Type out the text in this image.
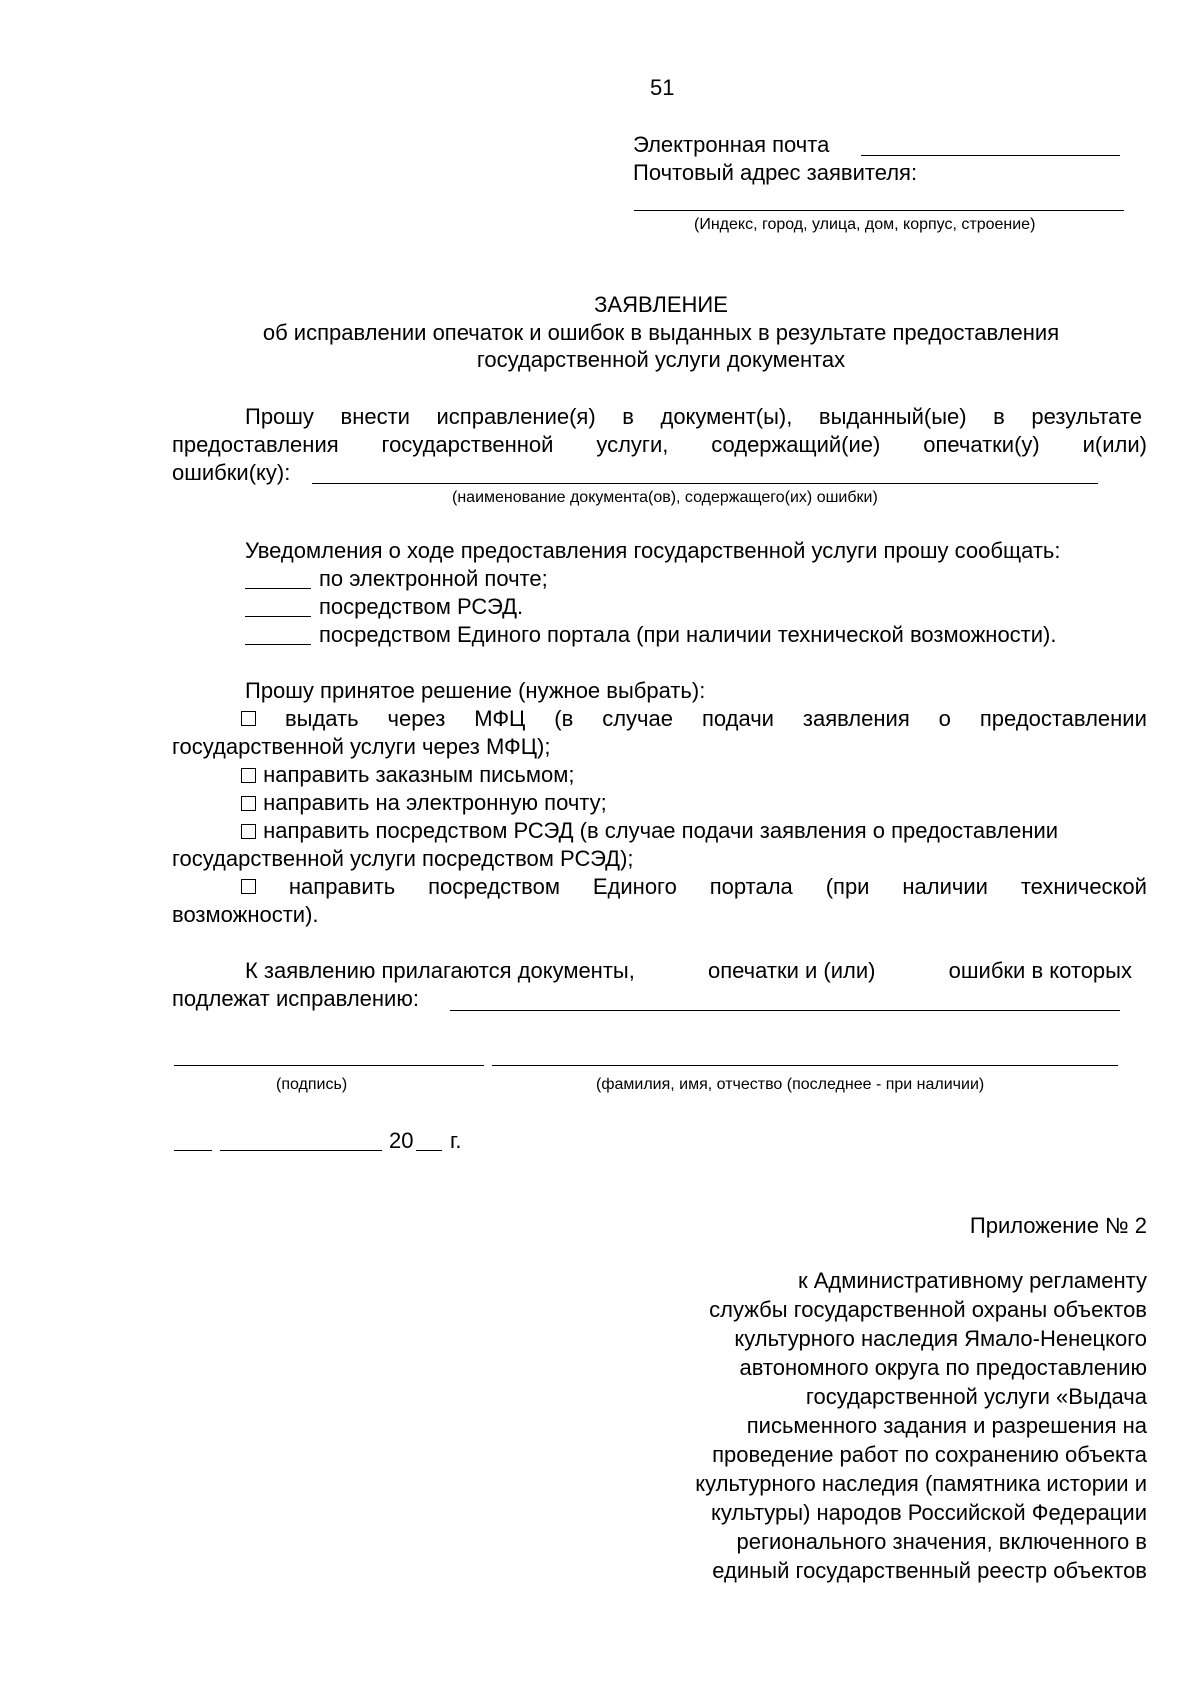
51
Электронная почта
Почтовый адрес заявителя:
(Индекс, город, улица, дом, корпус, строение)
ЗАЯВЛЕНИЕ
об исправлении опечаток и ошибок в выданных в результате предоставления
государственной услуги документах
Прошу внести исправление(я) в документ(ы), выданный(ые) в результате
предоставления государственной услуги, содержащий(ие) опечатки(у) и(или)
ошибки(ку):
(наименование документа(ов), содержащего(их) ошибки)
Уведомления о ходе предоставления государственной услуги прошу сообщать:
по электронной почте;
посредством РСЭД.
посредством Единого портала (при наличии технической возможности).
Прошу принятое решение (нужное выбрать):
выдать через МФЦ (в случае подачи заявления о предоставлении
государственной услуги через МФЦ);
направить заказным письмом;
направить на электронную почту;
направить посредством РСЭД (в случае подачи заявления о предоставлении
государственной услуги посредством РСЭД);
направить посредством Единого портала (при наличии технической
возможности).
К заявлению прилагаются документы,	опечатки и (или)	ошибки в которых
подлежат исправлению:
(подпись)	(фамилия, имя, отчество (последнее - при наличии)
20 г.
Приложение № 2
к Административному регламенту
службы государственной охраны объектов
культурного наследия Ямало-Ненецкого
автономного округа по предоставлению
государственной услуги «Выдача
письменного задания и разрешения на
проведение работ по сохранению объекта
культурного наследия (памятника истории и
культуры) народов Российской Федерации
регионального значения, включенного в
единый государственный реестр объектов
